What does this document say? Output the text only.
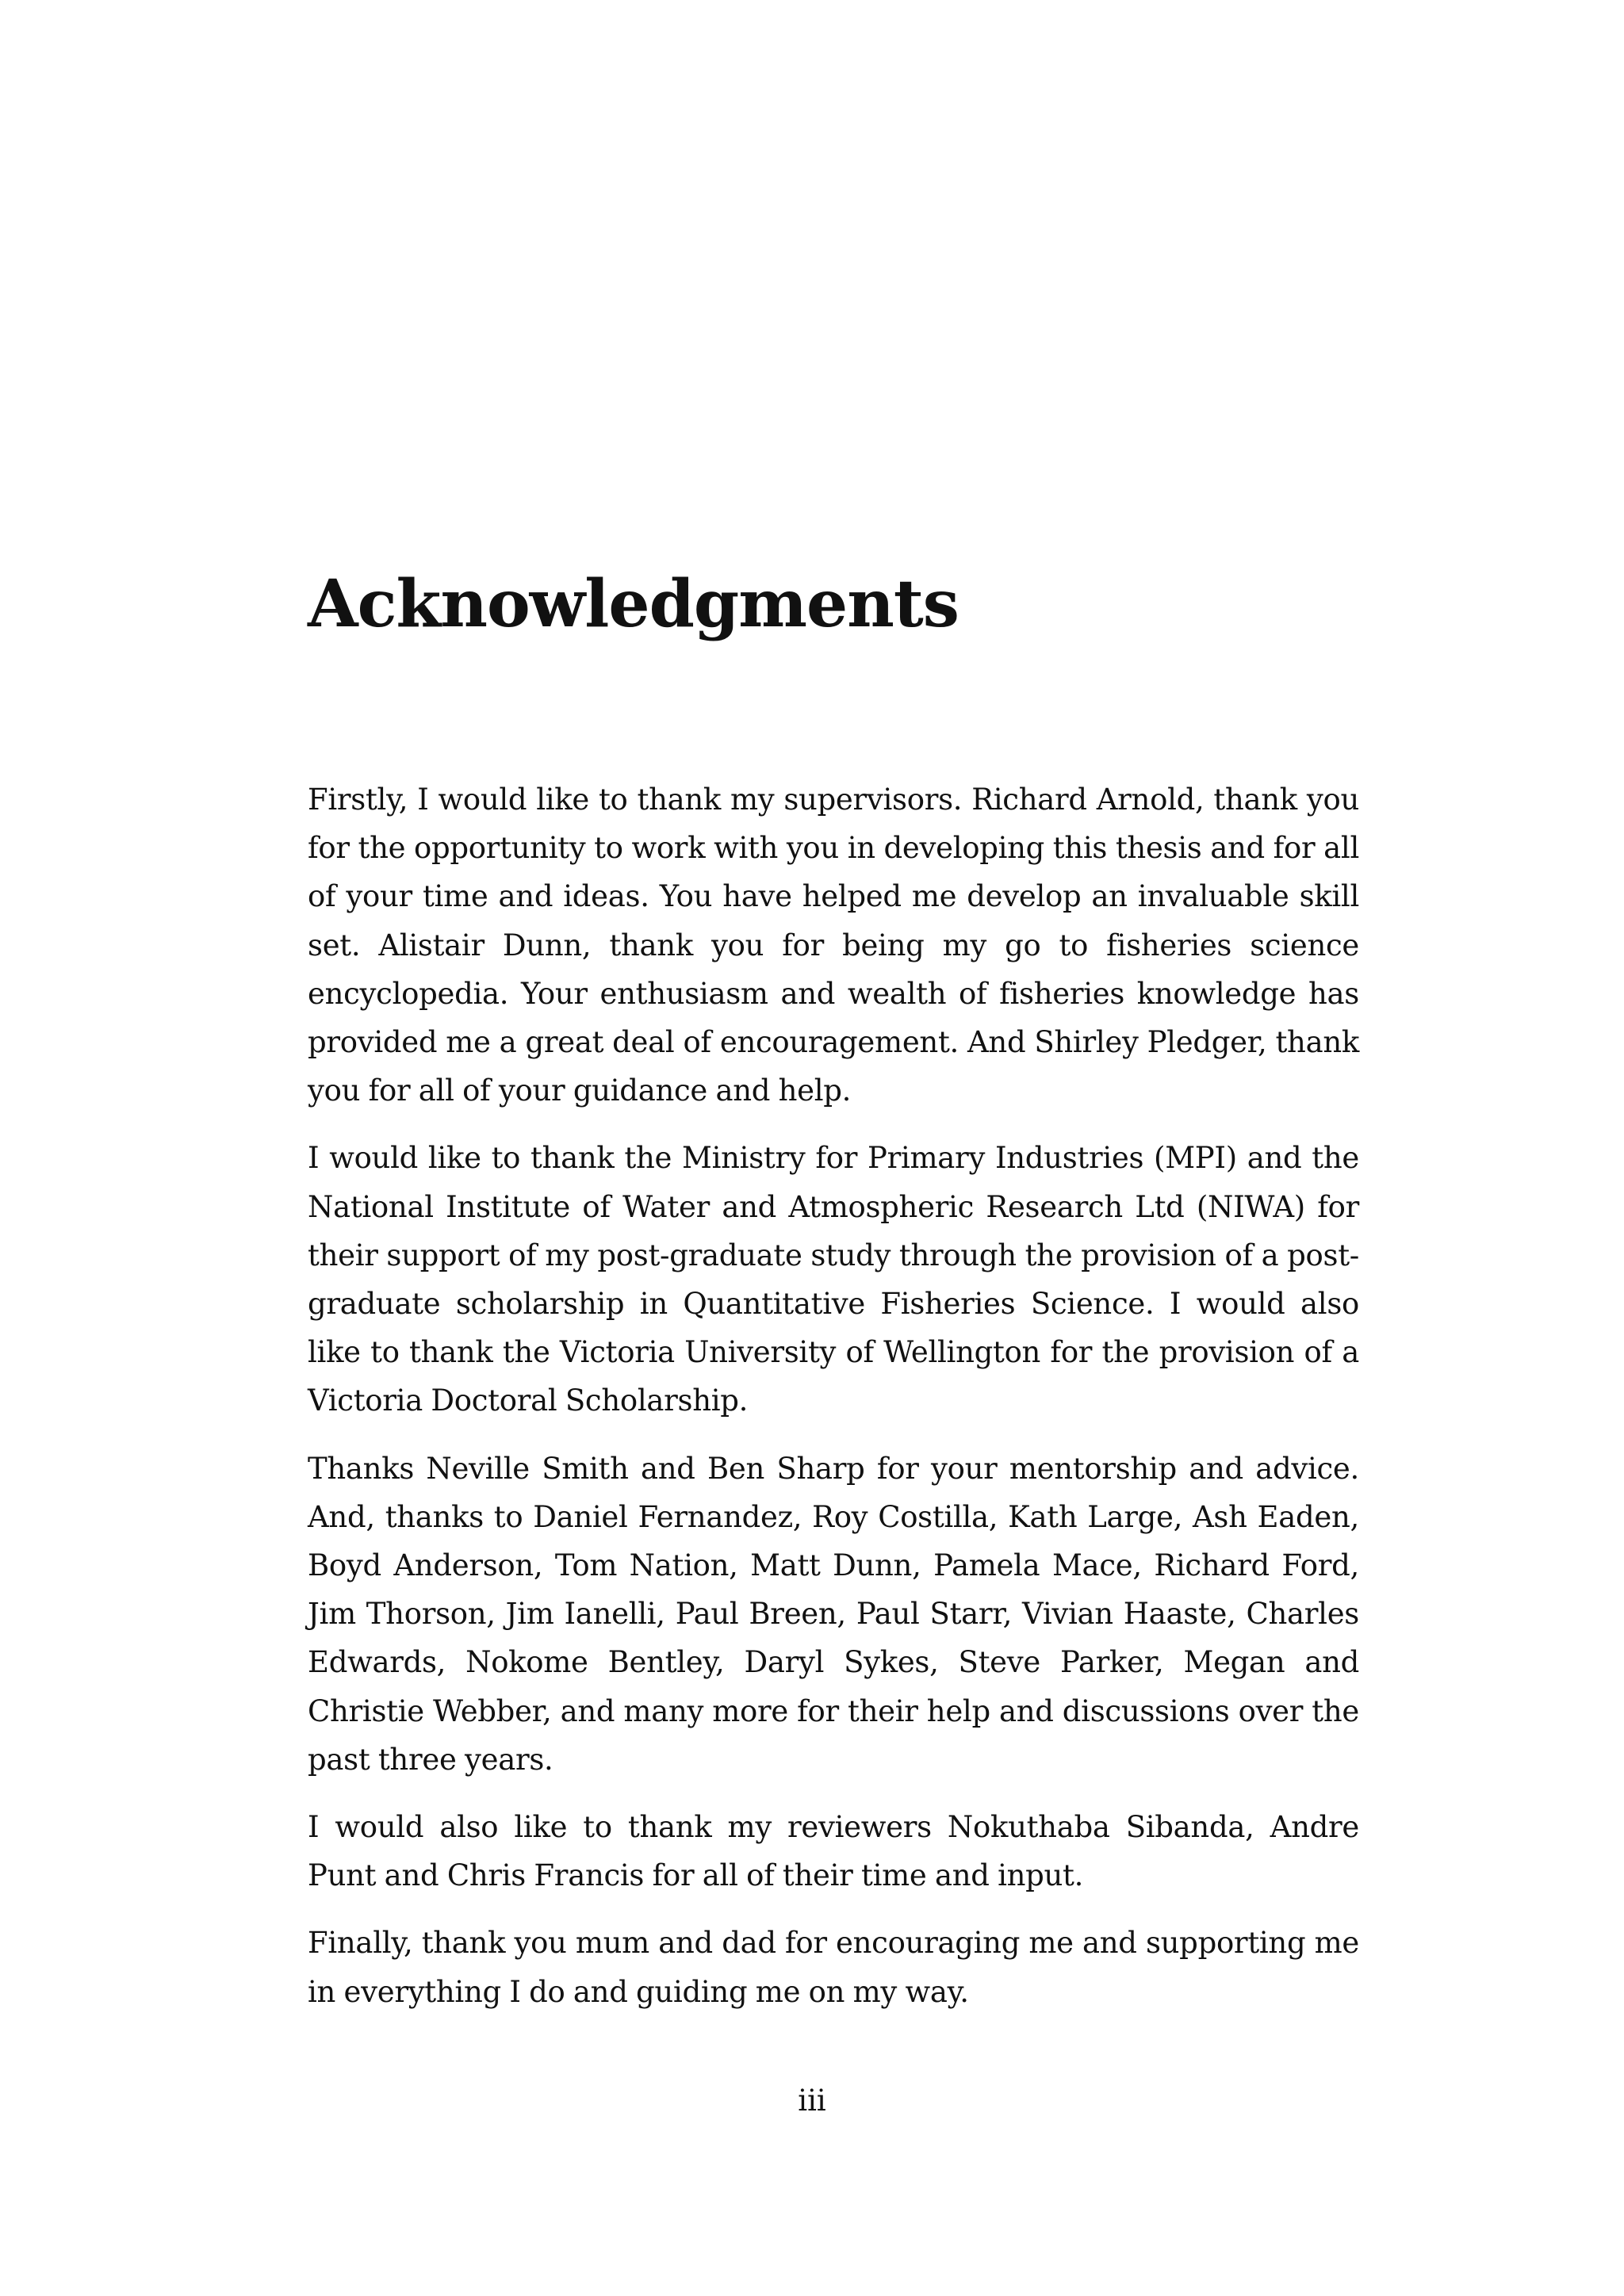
Acknowledgments

Firstly, I would like to thank my supervisors. Richard Arnold, thank you for the opportunity to work with you in developing this thesis and for all of your time and ideas. You have helped me develop an invaluable skill set. Alistair Dunn, thank you for being my go to fisheries science encyclopedia. Your enthusiasm and wealth of fisheries knowledge has provided me a great deal of encouragement. And Shirley Pledger, thank you for all of your guidance and help.

I would like to thank the Ministry for Primary Industries (MPI) and the National Institute of Water and Atmospheric Research Ltd (NIWA) for their support of my post-graduate study through the provision of a post-graduate scholarship in Quantitative Fisheries Science. I would also like to thank the Victoria University of Wellington for the provision of a Victoria Doctoral Scholarship.

Thanks Neville Smith and Ben Sharp for your mentorship and advice. And, thanks to Daniel Fernandez, Roy Costilla, Kath Large, Ash Eaden, Boyd Anderson, Tom Nation, Matt Dunn, Pamela Mace, Richard Ford, Jim Thorson, Jim Ianelli, Paul Breen, Paul Starr, Vivian Haaste, Charles Edwards, Nokome Bentley, Daryl Sykes, Steve Parker, Megan and Christie Webber, and many more for their help and discussions over the past three years.

I would also like to thank my reviewers Nokuthaba Sibanda, Andre Punt and Chris Francis for all of their time and input.

Finally, thank you mum and dad for encouraging me and supporting me in everything I do and guiding me on my way.

iii
